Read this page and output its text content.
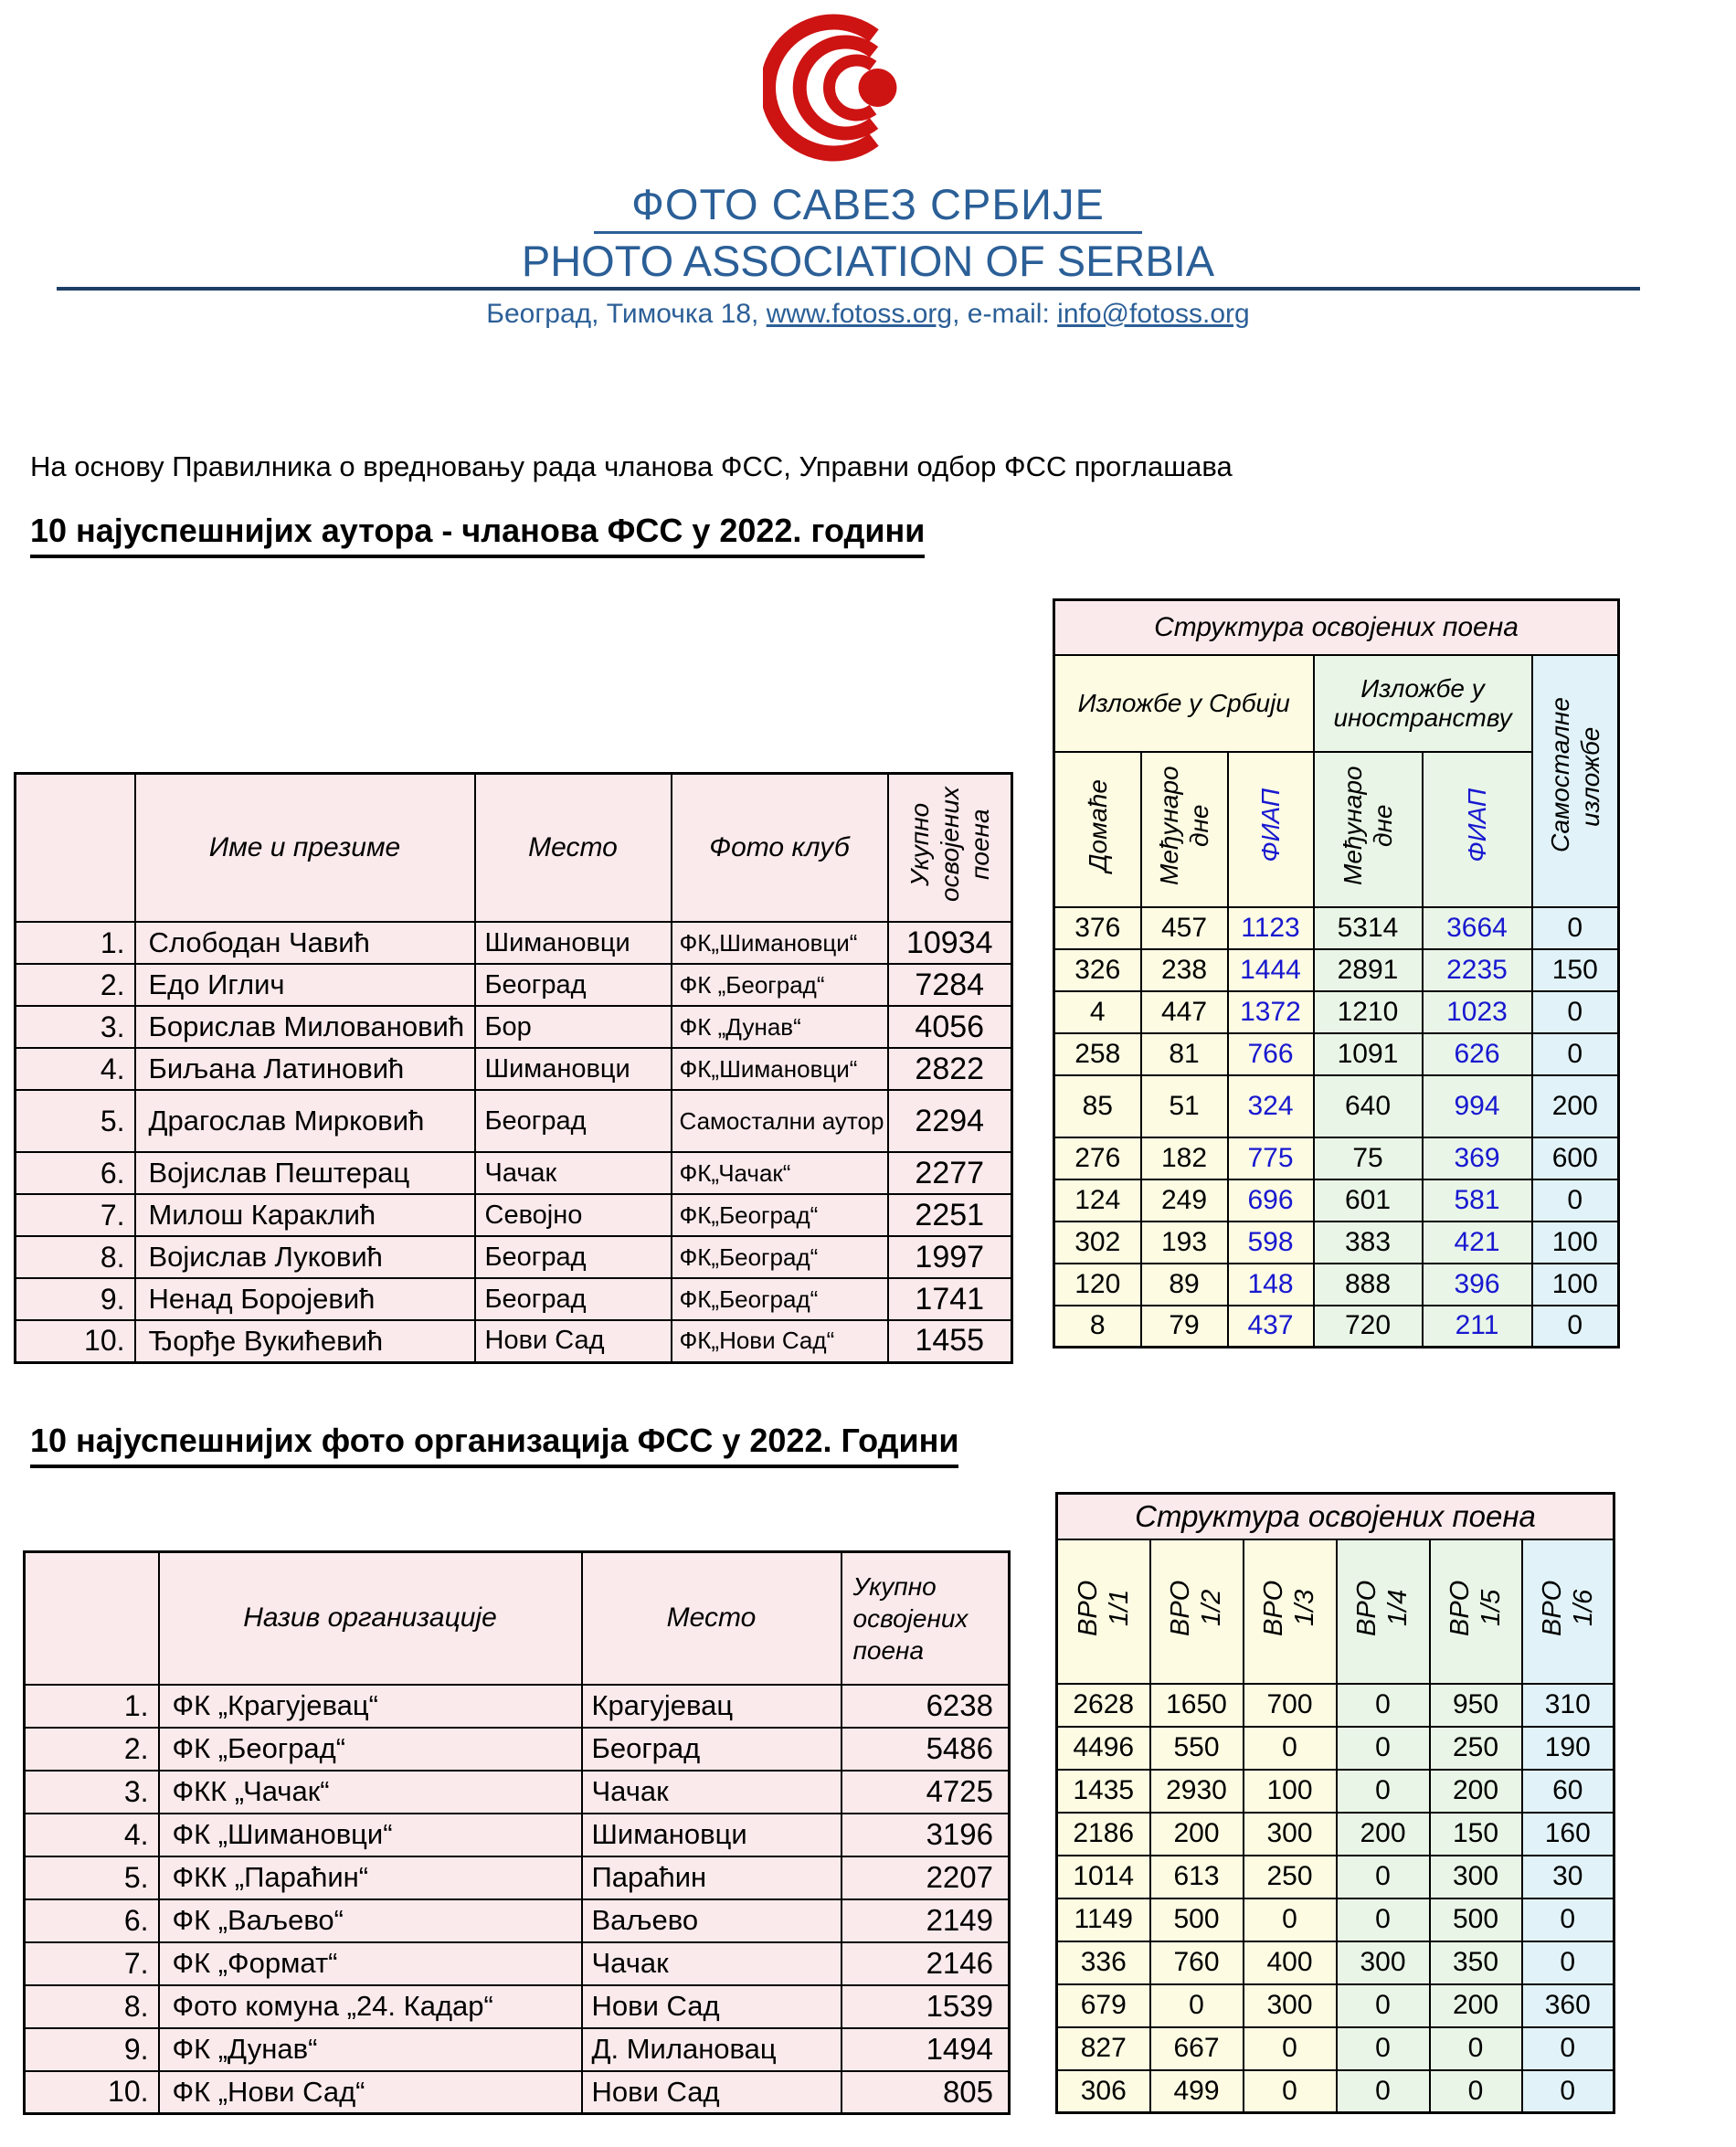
ФОТО САВЕЗ СРБИЈЕ
PHOTO ASSOCIATION OF SERBIA
Београд, Тимочка 18, www.fotoss.org, e-mail: info@fotoss.org
На основу Правилника о вредновању рада чланова ФСС, Управни одбор ФСС проглашава
10 најуспешнијих аутора - чланова ФСС у 2022. години
	Име и презиме	Место	Фото клуб	Укупно освојених поена
1.	Слободан Чавић	Шимановци	ФК„Шимановци“	10934
2.	Едо Иглич	Београд	ФК „Београд“	7284
3.	Борислав Миловановић	Бор	ФК „Дунав“	4056
4.	Биљана Латиновић	Шимановци	ФК„Шимановци“	2822
5.	Драгослав Мирковић	Београд	Самостални аутор	2294
6.	Војислав Пештерац	Чачак	ФК„Чачак“	2277
7.	Милош Караклић	Севојно	ФК„Београд“	2251
8.	Војислав Луковић	Београд	ФК„Београд“	1997
9.	Ненад Боројевић	Београд	ФК„Београд“	1741
10.	Ђорђе Вукићевић	Нови Сад	ФК„Нови Сад“	1455
Структура освојених поена					
Изложбе у Србији			Изложбе у иностранству		Самосталне изложбе
Домаће	Међународне	ФИАП	Међународне	ФИАП	
376	457	1123	5314	3664	0
326	238	1444	2891	2235	150
4	447	1372	1210	1023	0
258	81	766	1091	626	0
85	51	324	640	994	200
276	182	775	75	369	600
124	249	696	601	581	0
302	193	598	383	421	100
120	89	148	888	396	100
8	79	437	720	211	0
10 најуспешнијих фото организација ФСС у 2022. Години
	Назив организације	Место	Укупно освојених поена
1.	ФК „Крагујевац“	Крагујевац	6238
2.	ФК „Београд“	Београд	5486
3.	ФКК „Чачак“	Чачак	4725
4.	ФК „Шимановци“	Шимановци	3196
5.	ФКК „Параћин“	Параћин	2207
6.	ФК „Ваљево“	Ваљево	2149
7.	ФК „Формат“	Чачак	2146
8.	Фото комуна „24. Кадар“	Нови Сад	1539
9.	ФК „Дунав“	Д. Милановац	1494
10.	ФК „Нови Сад“	Нови Сад	805
Структура освојених поена					
ВРО 1/1	ВРО 1/2	ВРО 1/3	ВРО 1/4	ВРО 1/5	ВРО 1/6
2628	1650	700	0	950	310
4496	550	0	0	250	190
1435	2930	100	0	200	60
2186	200	300	200	150	160
1014	613	250	0	300	30
1149	500	0	0	500	0
336	760	400	300	350	0
679	0	300	0	200	360
827	667	0	0	0	0
306	499	0	0	0	0
